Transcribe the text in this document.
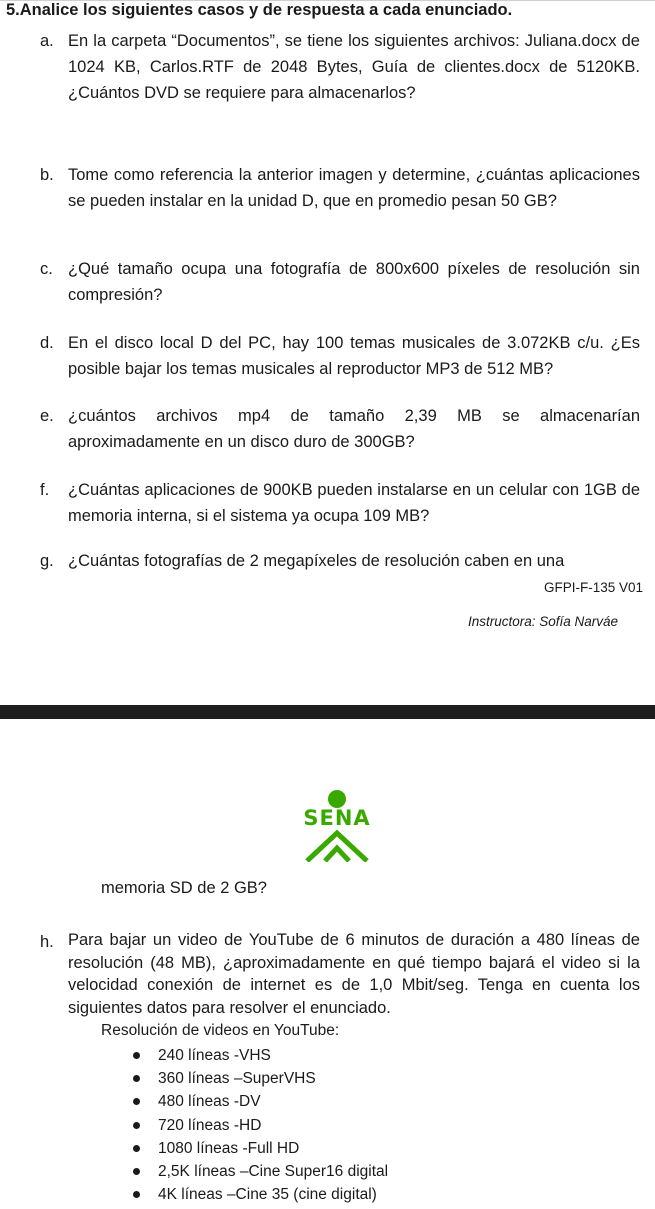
5.Analice los siguientes casos y de respuesta a cada enunciado.
a. En la carpeta “Documentos”, se tiene los siguientes archivos: Juliana.docx de 1024 KB, Carlos.RTF de 2048 Bytes, Guía de clientes.docx de 5120KB. ¿Cuántos DVD se requiere para almacenarlos?
b. Tome como referencia la anterior imagen y determine, ¿cuántas aplicaciones se pueden instalar en la unidad D, que en promedio pesan 50 GB?
c. ¿Qué tamaño ocupa una fotografía de 800x600 píxeles de resolución sin compresión?
d. En el disco local D del PC, hay 100 temas musicales de 3.072KB c/u. ¿Es posible bajar los temas musicales al reproductor MP3 de 512 MB?
e. ¿cuántos archivos mp4 de tamaño 2,39 MB se almacenarían aproximadamente en un disco duro de 300GB?
f. ¿Cuántas aplicaciones de 900KB pueden instalarse en un celular con 1GB de memoria interna, si el sistema ya ocupa 109 MB?
g. ¿Cuántas fotografías de 2 megapíxeles de resolución caben en una
GFPI-F-135 V01
Instructora: Sofía Narváe
SENA
memoria SD de 2 GB?
h. Para bajar un video de YouTube de 6 minutos de duración a 480 líneas de resolución (48 MB), ¿aproximadamente en qué tiempo bajará el video si la velocidad conexión de internet es de 1,0 Mbit/seg. Tenga en cuenta los siguientes datos para resolver el enunciado.
Resolución de videos en YouTube:
240 líneas -VHS
360 líneas –SuperVHS
480 líneas -DV
720 líneas -HD
1080 líneas -Full HD
2,5K líneas –Cine Super16 digital
4K líneas –Cine 35 (cine digital)
